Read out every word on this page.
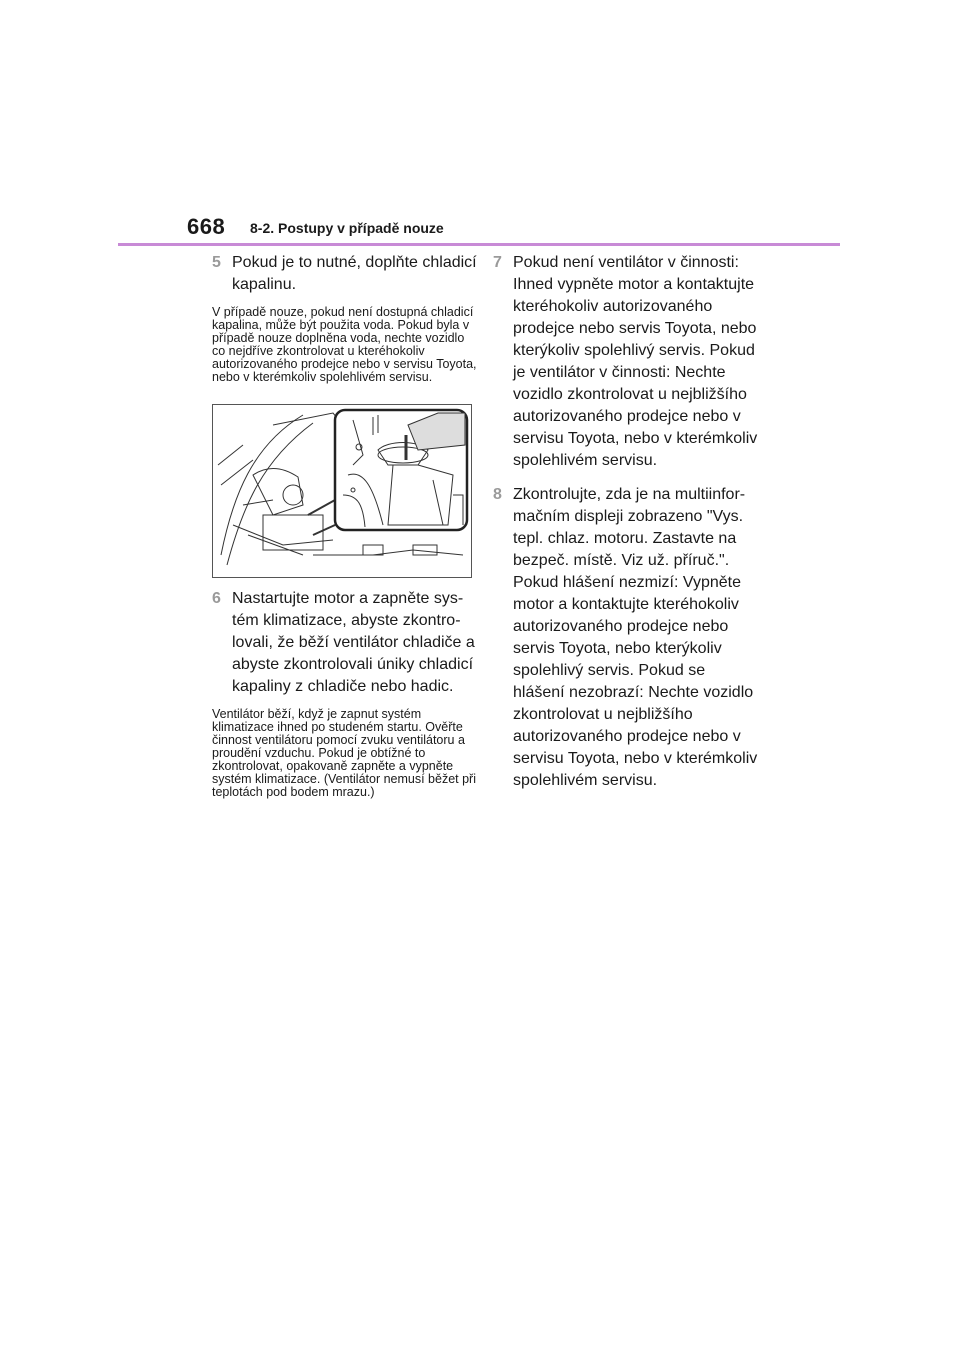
668 8-2. Postupy v případě nouze
5 Pokud je to nutné, doplňte chladicí kapalinu.
V případě nouze, pokud není dostupná chladicí kapalina, může být použita voda. Pokud byla v případě nouze doplněna voda, nechte vozidlo co nejdříve zkontrolovat u kteréhokoliv autorizovaného prodejce nebo v servisu Toyota, nebo v kterémkoliv spolehlivém servisu.
6 Nastartujte motor a zapněte systém klimatizace, abyste zkontrolovali, že běží ventilátor chladiče a abyste zkontrolovali úniky chladicí kapaliny z chladiče nebo hadic.
Ventilátor běží, když je zapnut systém klimatizace ihned po studeném startu. Ověřte činnost ventilátoru pomocí zvuku ventilátoru a proudění vzduchu. Pokud je obtížné to zkontrolovat, opakovaně zapněte a vypněte systém klimatizace. (Ventilátor nemusí běžet při teplotách pod bodem mrazu.)
7 Pokud není ventilátor v činnosti: Ihned vypněte motor a kontaktujte kteréhokoliv autorizovaného prodejce nebo servis Toyota, nebo kterýkoliv spolehlivý servis. Pokud je ventilátor v činnosti: Nechte vozidlo zkontrolovat u nejbližšího autorizovaného prodejce nebo v servisu Toyota, nebo v kterémkoliv spolehlivém servisu.
8 Zkontrolujte, zda je na multiinformačním displeji zobrazeno "Vys. tepl. chlaz. motoru. Zastavte na bezpeč. místě. Viz už. příruč.". Pokud hlášení nezmizí: Vypněte motor a kontaktujte kteréhokoliv autorizovaného prodejce nebo servis Toyota, nebo kterýkoliv spolehlivý servis. Pokud se hlášení nezobrazí: Nechte vozidlo zkontrolovat u nejbližšího autorizovaného prodejce nebo v servisu Toyota, nebo v kterémkoliv spolehlivém servisu.
